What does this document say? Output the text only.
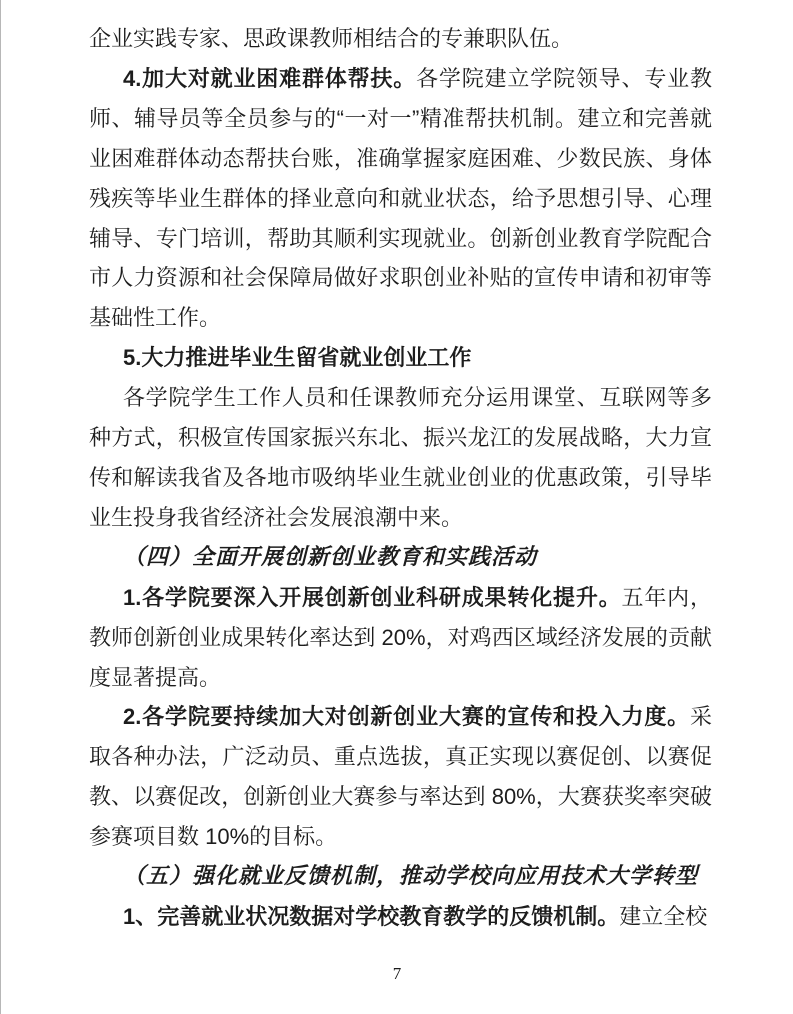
企业实践专家、思政课教师相结合的专兼职队伍。

4.加大对就业困难群体帮扶。各学院建立学院领导、专业教师、辅导员等全员参与的“一对一”精准帮扶机制。建立和完善就业困难群体动态帮扶台账，准确掌握家庭困难、少数民族、身体残疾等毕业生群体的择业意向和就业状态，给予思想引导、心理辅导、专门培训，帮助其顺利实现就业。创新创业教育学院配合市人力资源和社会保障局做好求职创业补贴的宣传申请和初审等基础性工作。

5.大力推进毕业生留省就业创业工作

各学院学生工作人员和任课教师充分运用课堂、互联网等多种方式，积极宣传国家振兴东北、振兴龙江的发展战略，大力宣传和解读我省及各地市吸纳毕业生就业创业的优惠政策，引导毕业生投身我省经济社会发展浪潮中来。

（四）全面开展创新创业教育和实践活动

1.各学院要深入开展创新创业科研成果转化提升。五年内，教师创新创业成果转化率达到 20%，对鸡西区域经济发展的贡献度显著提高。

2.各学院要持续加大对创新创业大赛的宣传和投入力度。采取各种办法，广泛动员、重点选拔，真正实现以赛促创、以赛促教、以赛促改，创新创业大赛参与率达到 80%，大赛获奖率突破参赛项目数 10%的目标。

（五）强化就业反馈机制，推动学校向应用技术大学转型

1、完善就业状况数据对学校教育教学的反馈机制。建立全校

7
